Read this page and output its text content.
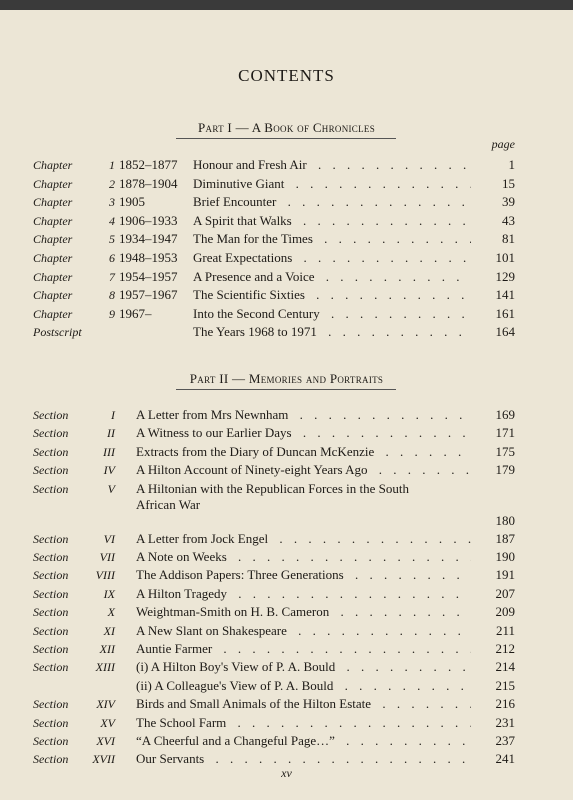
CONTENTS
Part I — A Book of Chronicles
page
Chapter	1 1852–1877	Honour and Fresh Air . . .	1
Chapter	2 1878–1904	Diminutive Giant . . .	15
Chapter	3 1905	Brief Encounter . . .	39
Chapter	4 1906–1933	A Spirit that Walks . . .	43
Chapter	5 1934–1947	The Man for the Times . . .	81
Chapter	6 1948–1953	Great Expectations . . .	101
Chapter	7 1954–1957	A Presence and a Voice . . .	129
Chapter	8 1957–1967	The Scientific Sixties . . .	141
Chapter	9 1967–	Into the Second Century . . .	161
Postscript	The Years 1968 to 1971 . . .	164
Part II — Memories and Portraits
Section	I A Letter from Mrs Newnham . . .	169
Section	II A Witness to our Earlier Days . . .	171
Section	III Extracts from the Diary of Duncan McKenzie . . .	175
Section	IV A Hilton Account of Ninety-eight Years Ago . . .	179
Section	V A Hiltonian with the Republican Forces in the South
African War
180
Section	VI A Letter from Jock Engel . . .	187
Section	VII A Note on Weeks . . .	190
Section	VIII The Addison Papers: Three Generations . . .	191
Section	IX A Hilton Tragedy . . .	207
Section	X Weightman-Smith on H. B. Cameron . . .	209
Section	XI A New Slant on Shakespeare . . .	211
Section	XII Auntie Farmer . . .	212
Section	XIII (i) A Hilton Boy's View of P. A. Bould . . .	214
(ii) A Colleague's View of P. A. Bould . . .	215
Section	XIV Birds and Small Animals of the Hilton Estate . . .	216
Section	XV The School Farm . . .	231
Section	XVI “A Cheerful and a Changeful Page…” . . .	237
Section	XVII Our Servants . . .	241
xv
